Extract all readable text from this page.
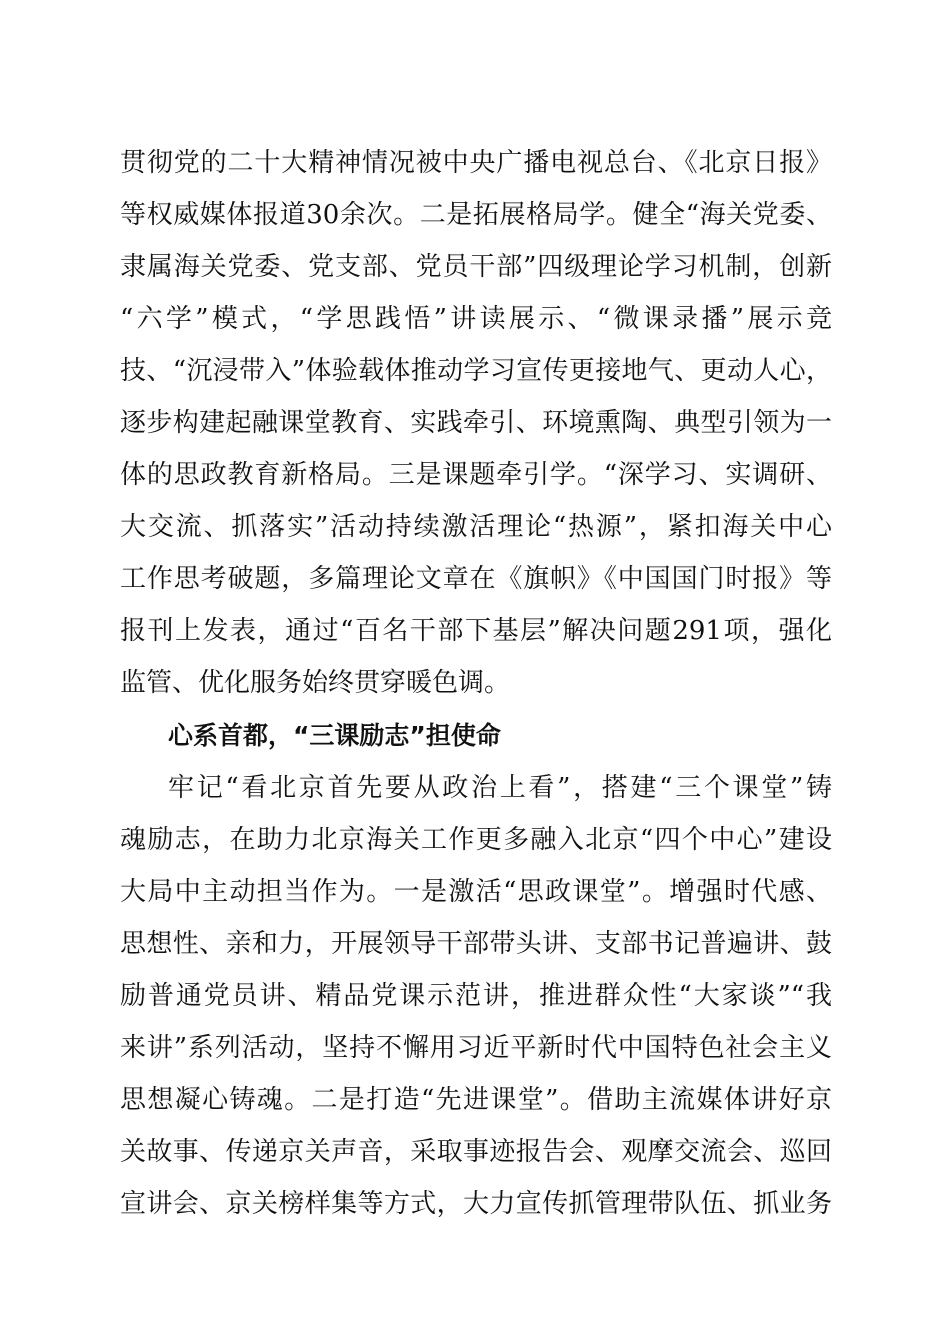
贯彻党的二十大精神情况被中央广播电视总台、《北京日报》
等权威媒体报道30余次。二是拓展格局学。健全“海关党委、
隶属海关党委、党支部、党员干部”四级理论学习机制，创新
“六学”模式，“学思践悟”讲读展示、“微课录播”展示竞
技、“沉浸带入”体验载体推动学习宣传更接地气、更动人心，
逐步构建起融课堂教育、实践牵引、环境熏陶、典型引领为一
体的思政教育新格局。三是课题牵引学。“深学习、实调研、
大交流、抓落实”活动持续激活理论“热源”，紧扣海关中心
工作思考破题，多篇理论文章在《旗帜》《中国国门时报》等
报刊上发表，通过“百名干部下基层”解决问题291项，强化
监管、优化服务始终贯穿暖色调。
心系首都，“三课励志”担使命
牢记“看北京首先要从政治上看”，搭建“三个课堂”铸
魂励志，在助力北京海关工作更多融入北京“四个中心”建设
大局中主动担当作为。一是激活“思政课堂”。增强时代感、
思想性、亲和力，开展领导干部带头讲、支部书记普遍讲、鼓
励普通党员讲、精品党课示范讲，推进群众性“大家谈”“我
来讲”系列活动，坚持不懈用习近平新时代中国特色社会主义
思想凝心铸魂。二是打造“先进课堂”。借助主流媒体讲好京
关故事、传递京关声音，采取事迹报告会、观摩交流会、巡回
宣讲会、京关榜样集等方式，大力宣传抓管理带队伍、抓业务
